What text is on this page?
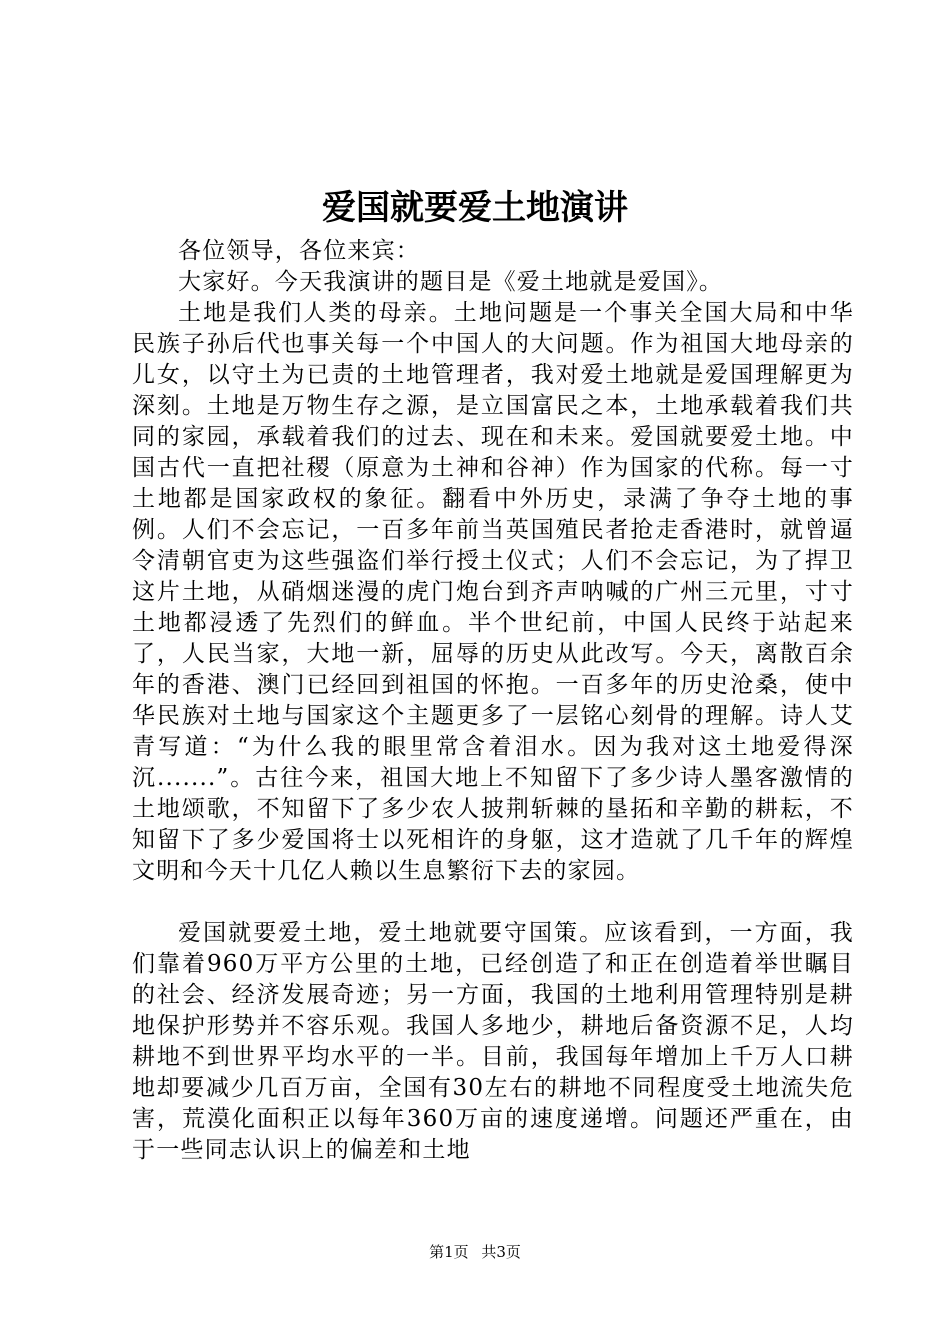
爱国就要爱土地演讲

各位领导，各位来宾：

大家好。今天我演讲的题目是《爱土地就是爱国》。

土地是我们人类的母亲。土地问题是一个事关全国大局和中华民族子孙后代也事关每一个中国人的大问题。作为祖国大地母亲的儿女，以守土为已责的土地管理者，我对爱土地就是爱国理解更为深刻。土地是万物生存之源，是立国富民之本，土地承载着我们共同的家园，承载着我们的过去、现在和未来。爱国就要爱土地。中国古代一直把社稷（原意为土神和谷神）作为国家的代称。每一寸土地都是国家政权的象征。翻看中外历史，录满了争夺土地的事例。人们不会忘记，一百多年前当英国殖民者抢走香港时，就曾逼令清朝官吏为这些强盗们举行授土仪式；人们不会忘记，为了捍卫这片土地，从硝烟迷漫的虎门炮台到齐声呐喊的广州三元里，寸寸土地都浸透了先烈们的鲜血。半个世纪前，中国人民终于站起来了，人民当家，大地一新，屈辱的历史从此改写。今天，离散百余年的香港、澳门已经回到祖国的怀抱。一百多年的历史沧桑，使中华民族对土地与国家这个主题更多了一层铭心刻骨的理解。诗人艾青写道：“为什么我的眼里常含着泪水。因为我对这土地爱得深沉.......”。古往今来，祖国大地上不知留下了多少诗人墨客激情的土地颂歌，不知留下了多少农人披荆斩棘的垦拓和辛勤的耕耘，不知留下了多少爱国将士以死相许的身躯，这才造就了几千年的辉煌文明和今天十几亿人赖以生息繁衍下去的家园。

爱国就要爱土地，爱土地就要守国策。应该看到，一方面，我们靠着960万平方公里的土地，已经创造了和正在创造着举世瞩目的社会、经济发展奇迹；另一方面，我国的土地利用管理特别是耕地保护形势并不容乐观。我国人多地少，耕地后备资源不足，人均耕地不到世界平均水平的一半。目前，我国每年增加上千万人口耕地却要减少几百万亩，全国有30左右的耕地不同程度受土地流失危害，荒漠化面积正以每年360万亩的速度递增。问题还严重在，由于一些同志认识上的偏差和土地

第1页 共3页
